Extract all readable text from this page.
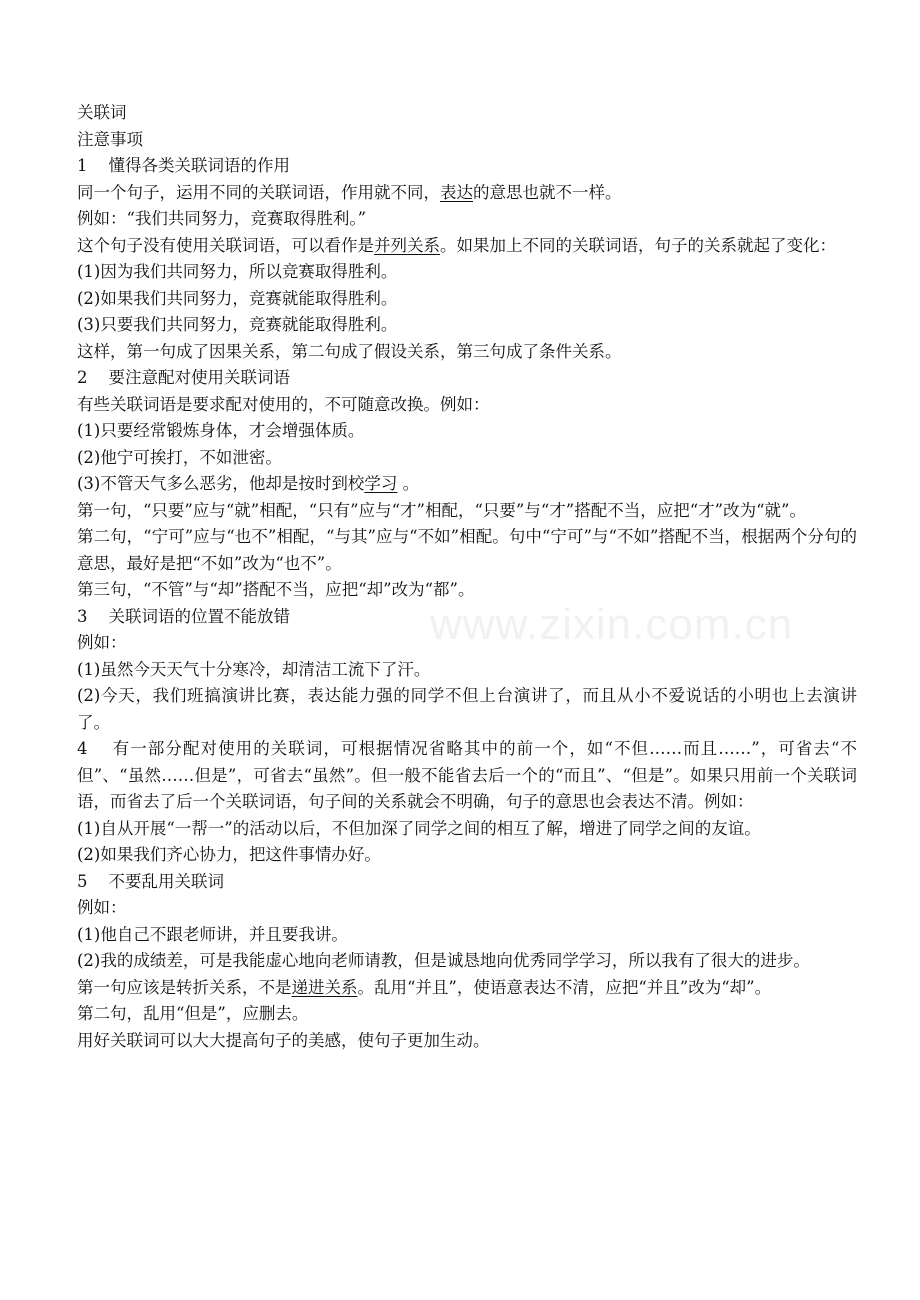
www.zixin.com.cn
关联词
注意事项
1    懂得各类关联词语的作用
同一个句子，运用不同的关联词语，作用就不同，表达的意思也就不一样。
例如：“我们共同努力，竞赛取得胜利。”
这个句子没有使用关联词语，可以看作是并列关系。如果加上不同的关联词语，句子的关系就起了变化：
(1)因为我们共同努力，所以竞赛取得胜利。
(2)如果我们共同努力，竞赛就能取得胜利。
(3)只要我们共同努力，竞赛就能取得胜利。
这样，第一句成了因果关系，第二句成了假设关系，第三句成了条件关系。
2    要注意配对使用关联词语
有些关联词语是要求配对使用的，不可随意改换。例如：
(1)只要经常锻炼身体，才会增强体质。
(2)他宁可挨打，不如泄密。
(3)不管天气多么恶劣，他却是按时到校学习 。
第一句，“只要”应与“就”相配，“只有”应与“才”相配，“只要”与“才”搭配不当，应把“才”改为“就”。
第二句，“宁可”应与“也不”相配，“与其”应与“不如”相配。句中“宁可”与“不如”搭配不当，根据两个分句的意思，最好是把“不如”改为“也不”。
第三句，“不管”与“却”搭配不当，应把“却”改为“都”。
3    关联词语的位置不能放错
例如：
(1)虽然今天天气十分寒冷，却清洁工流下了汗。
(2)今天，我们班搞演讲比赛，表达能力强的同学不但上台演讲了，而且从小不爱说话的小明也上去演讲了。
4    有一部分配对使用的关联词，可根据情况省略其中的前一个，如“不但……而且……”，可省去“不但”、“虽然……但是”，可省去“虽然”。但一般不能省去后一个的“而且”、“但是”。如果只用前一个关联词语，而省去了后一个关联词语，句子间的关系就会不明确，句子的意思也会表达不清。例如：
(1)自从开展“一帮一”的活动以后，不但加深了同学之间的相互了解，增进了同学之间的友谊。
(2)如果我们齐心协力，把这件事情办好。
5    不要乱用关联词
例如：
(1)他自己不跟老师讲，并且要我讲。
(2)我的成绩差，可是我能虚心地向老师请教，但是诚恳地向优秀同学学习，所以我有了很大的进步。
第一句应该是转折关系，不是递进关系。乱用“并且”，使语意表达不清，应把“并且”改为“却”。
第二句，乱用“但是”，应删去。
用好关联词可以大大提高句子的美感，使句子更加生动。
